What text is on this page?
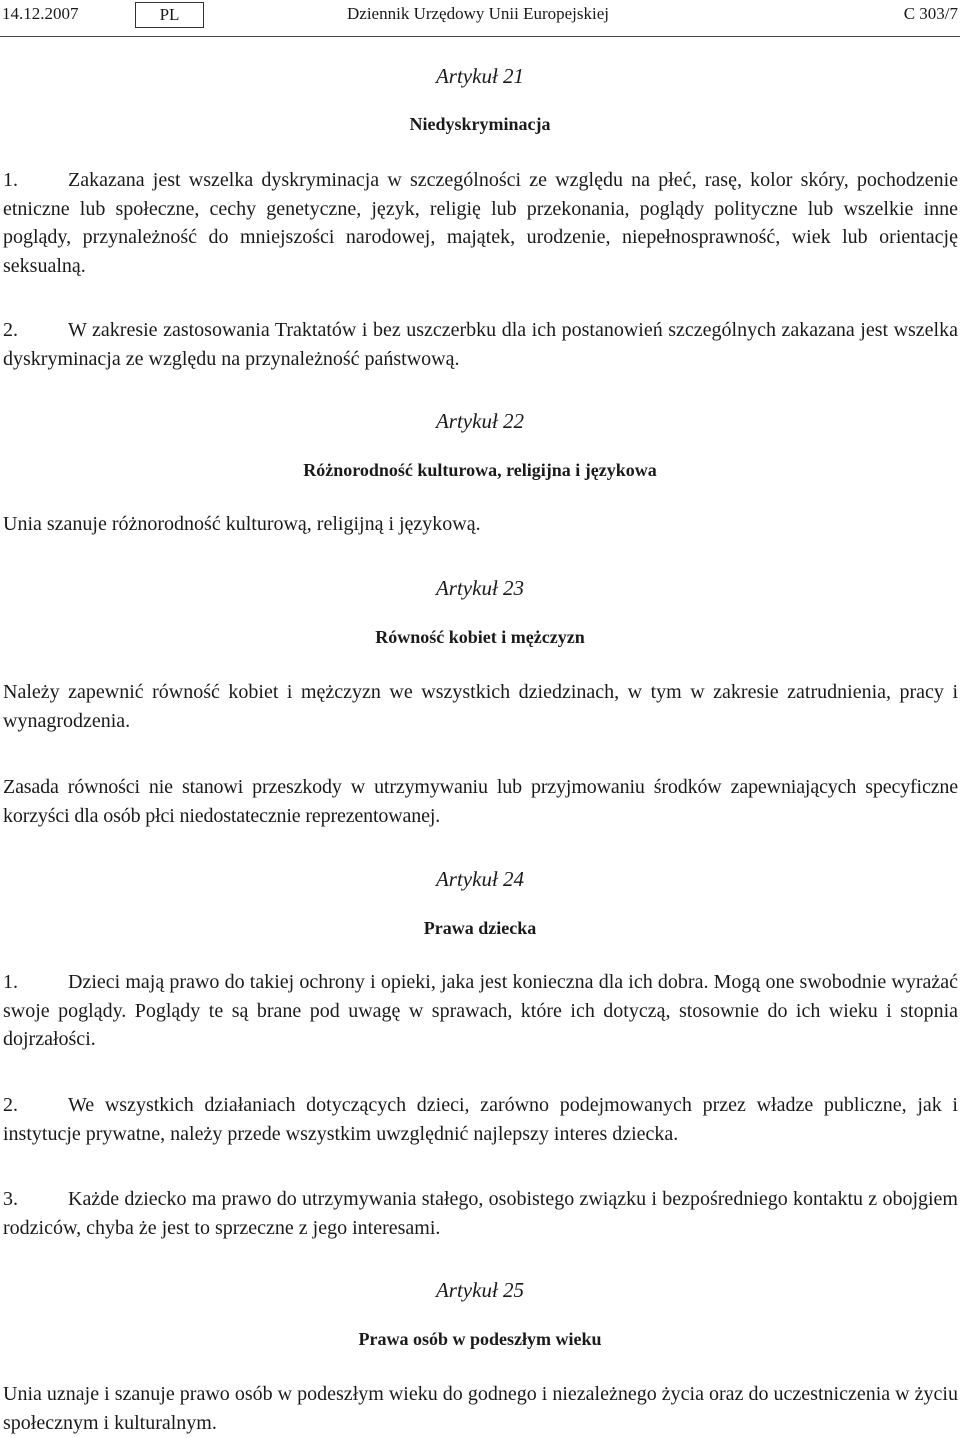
14.12.2007	PL	Dziennik Urzędowy Unii Europejskiej	C 303/7
Artykuł 21
Niedyskryminacja

1.	Zakazana jest wszelka dyskryminacja w szczególności ze względu na płeć, rasę, kolor skóry, pochodzenie etniczne lub społeczne, cechy genetyczne, język, religię lub przekonania, poglądy polityczne lub wszelkie inne poglądy, przynależność do mniejszości narodowej, majątek, urodzenie, niepełnosprawność, wiek lub orientację seksualną.

2.	W zakresie zastosowania Traktatów i bez uszczerbku dla ich postanowień szczególnych zakazana jest wszelka dyskryminacja ze względu na przynależność państwową.

Artykuł 22
Różnorodność kulturowa, religijna i językowa

Unia szanuje różnorodność kulturową, religijną i językową.

Artykuł 23
Równość kobiet i mężczyzn

Należy zapewnić równość kobiet i mężczyzn we wszystkich dziedzinach, w tym w zakresie zatrudnienia, pracy i wynagrodzenia.

Zasada równości nie stanowi przeszkody w utrzymywaniu lub przyjmowaniu środków zapewniających specyficzne korzyści dla osób płci niedostatecznie reprezentowanej.

Artykuł 24
Prawa dziecka

1.	Dzieci mają prawo do takiej ochrony i opieki, jaka jest konieczna dla ich dobra. Mogą one swobodnie wyrażać swoje poglądy. Poglądy te są brane pod uwagę w sprawach, które ich dotyczą, stosownie do ich wieku i stopnia dojrzałości.

2.	We wszystkich działaniach dotyczących dzieci, zarówno podejmowanych przez władze publiczne, jak i instytucje prywatne, należy przede wszystkim uwzględnić najlepszy interes dziecka.

3.	Każde dziecko ma prawo do utrzymywania stałego, osobistego związku i bezpośredniego kontaktu z obojgiem rodziców, chyba że jest to sprzeczne z jego interesami.

Artykuł 25
Prawa osób w podeszłym wieku

Unia uznaje i szanuje prawo osób w podeszłym wieku do godnego i niezależnego życia oraz do uczestniczenia w życiu społecznym i kulturalnym.
